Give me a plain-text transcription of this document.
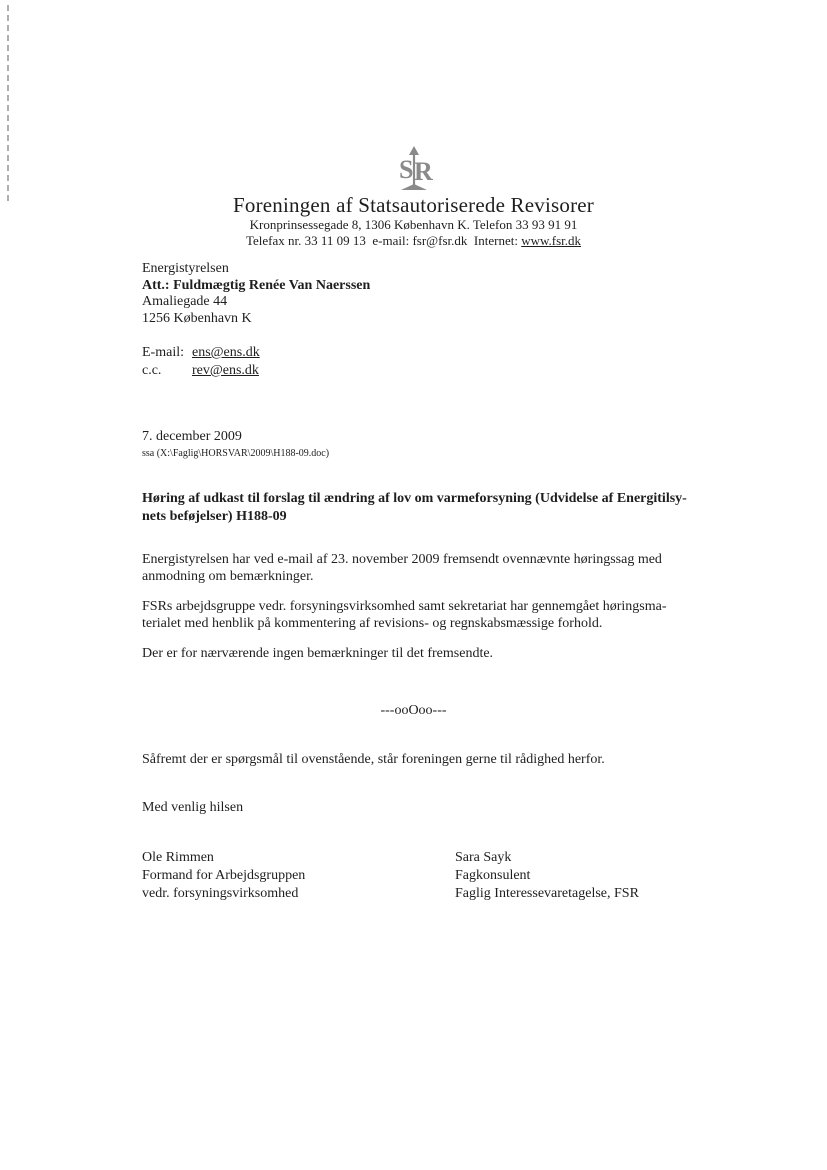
S R
Foreningen af Statsautoriserede Revisorer
Kronprinsessegade 8, 1306 København K. Telefon 33 93 91 91
Telefax nr. 33 11 09 13  e-mail: fsr@fsr.dk  Internet: www.fsr.dk
Energistyrelsen
Att.: Fuldmægtig Renée Van Naerssen
Amaliegade 44
1256 København K
E-mail: ens@ens.dk
c.c.	rev@ens.dk
7. december 2009
ssa (X:\Faglig\HORSVAR\2009\H188-09.doc)
Høring af udkast til forslag til ændring af lov om varmeforsyning (Udvidelse af Energitilsy-
nets beføjelser) H188-09
Energistyrelsen har ved e-mail af 23. november 2009 fremsendt ovennævnte høringssag med
anmodning om bemærkninger.
FSRs arbejdsgruppe vedr. forsyningsvirksomhed samt sekretariat har gennemgået høringsma-
terialet med henblik på kommentering af revisions- og regnskabsmæssige forhold.
Der er for nærværende ingen bemærkninger til det fremsendte.
---ooOoo---
Såfremt der er spørgsmål til ovenstående, står foreningen gerne til rådighed herfor.
Med venlig hilsen
Ole Rimmen
Formand for Arbejdsgruppen
vedr. forsyningsvirksomhed
Sara Sayk
Fagkonsulent
Faglig Interessevaretagelse, FSR
